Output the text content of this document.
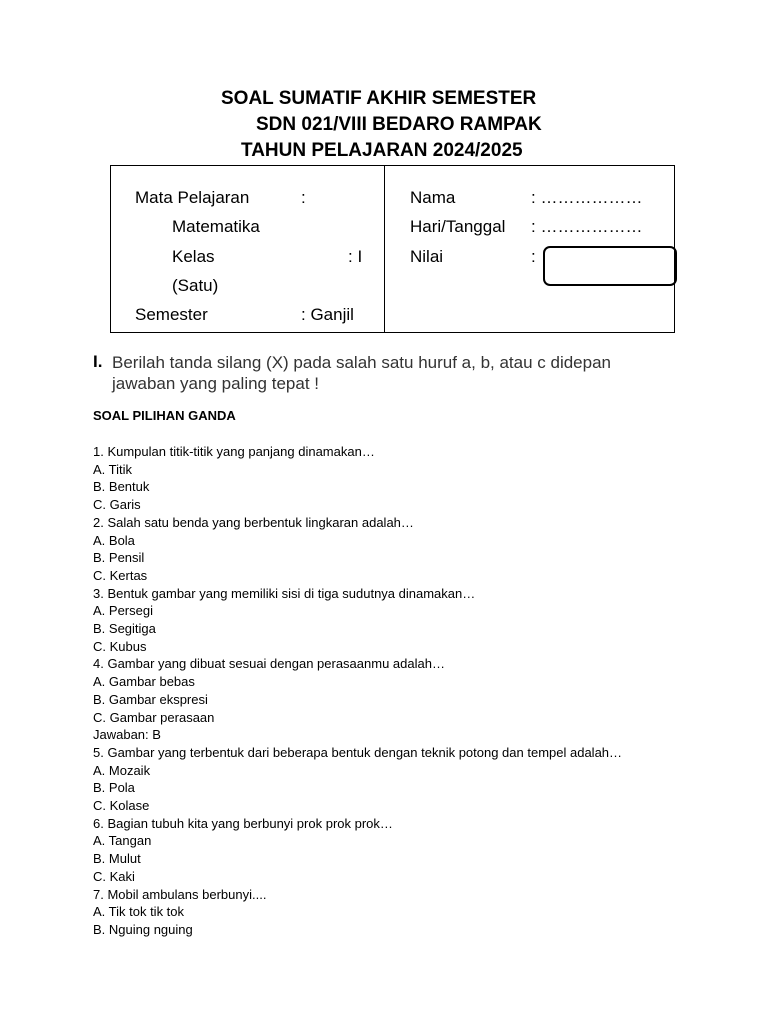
SOAL SUMATIF AKHIR SEMESTER
SDN 021/VIII BEDARO RAMPAK
TAHUN PELAJARAN 2024/2025
Mata Pelajaran	:
Matematika
Kelas	: I
(Satu)
Semester	: Ganjil
Nama	: ………………
Hari/Tanggal : ………………
Nilai	:
I. Berilah tanda silang (X) pada salah satu huruf a, b, atau c didepan jawaban yang paling tepat !
SOAL PILIHAN GANDA
1. Kumpulan titik-titik yang panjang dinamakan…
A. Titik
B. Bentuk
C. Garis
2. Salah satu benda yang berbentuk lingkaran adalah…
A. Bola
B. Pensil
C. Kertas
3. Bentuk gambar yang memiliki sisi di tiga sudutnya dinamakan…
A. Persegi
B. Segitiga
C. Kubus
4. Gambar yang dibuat sesuai dengan perasaanmu adalah…
A. Gambar bebas
B. Gambar ekspresi
C. Gambar perasaan
Jawaban: B
5. Gambar yang terbentuk dari beberapa bentuk dengan teknik potong dan tempel adalah…
A. Mozaik
B. Pola
C. Kolase
6. Bagian tubuh kita yang berbunyi prok prok prok…
A. Tangan
B. Mulut
C. Kaki
7. Mobil ambulans berbunyi....
A. Tik tok tik tok
B. Nguing nguing
